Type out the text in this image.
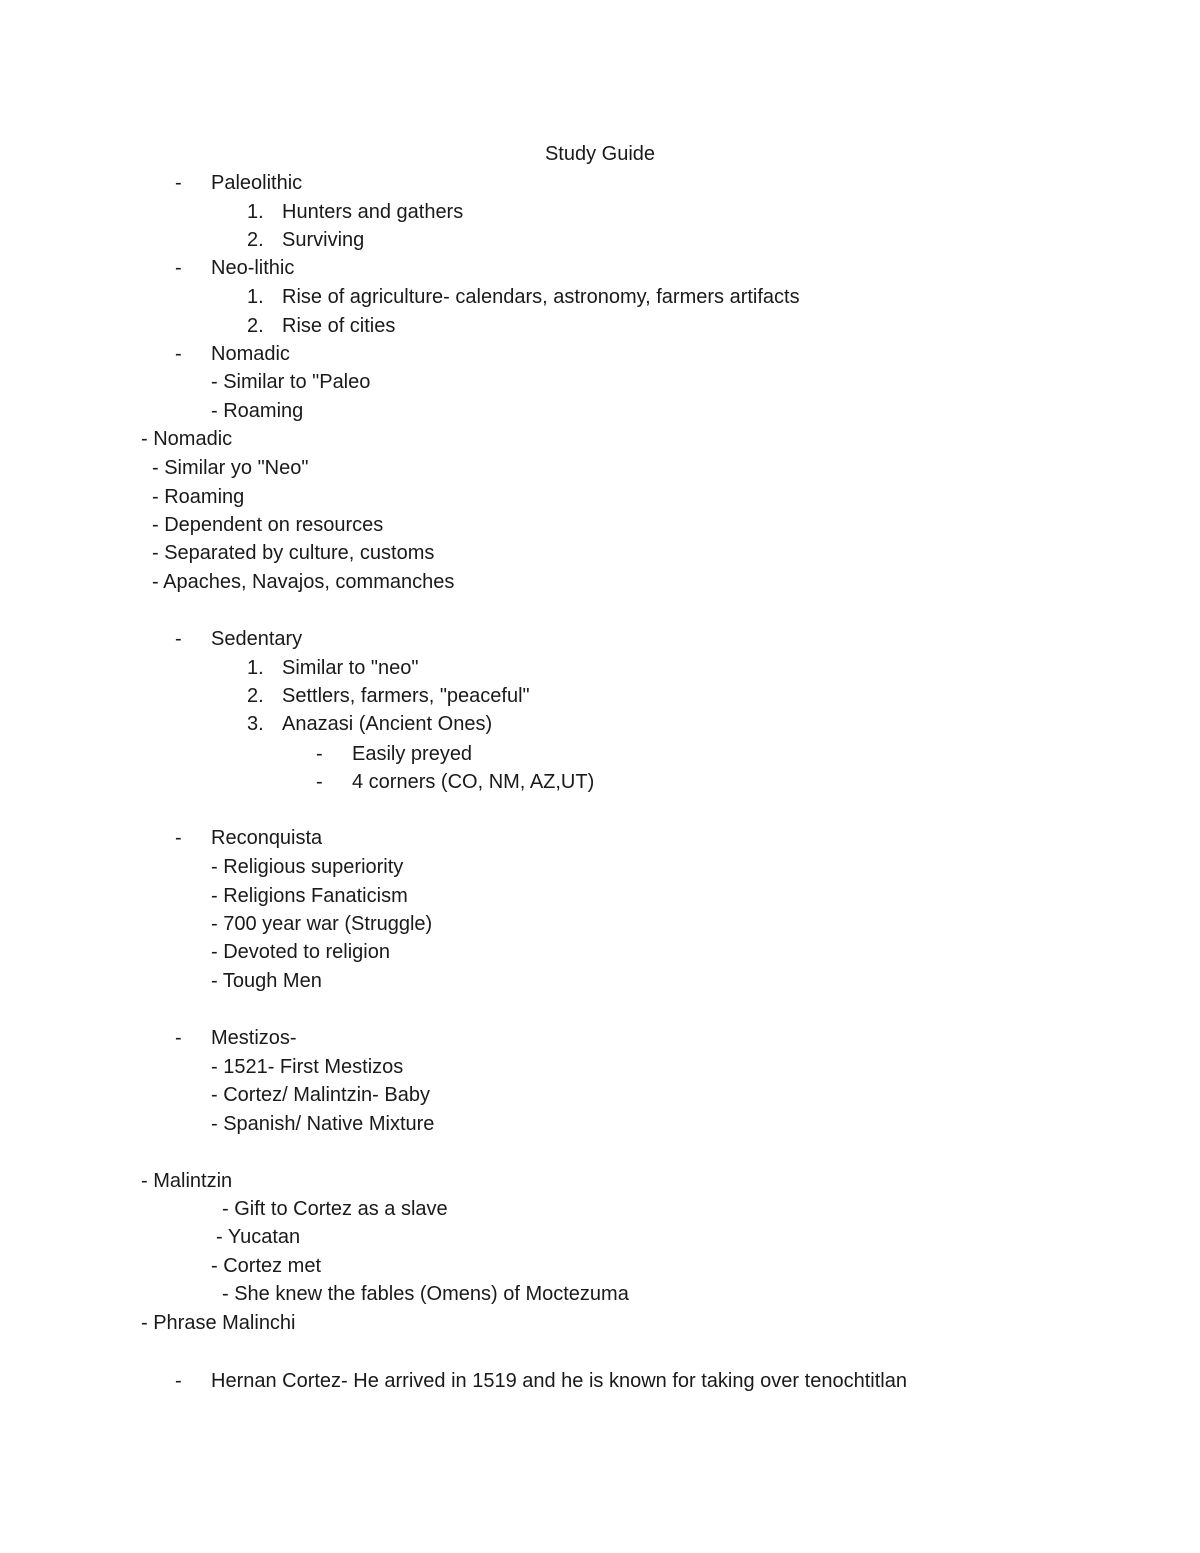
Study Guide
- Paleolithic
1. Hunters and gathers
2. Surviving
- Neo-lithic
1. Rise of agriculture- calendars, astronomy, farmers artifacts
2. Rise of cities
- Nomadic
- Similar to "Paleo
- Roaming
- Nomadic
- Similar yo "Neo"
- Roaming
- Dependent on resources
- Separated by culture, customs
- Apaches, Navajos, commanches
- Sedentary
1. Similar to "neo"
2. Settlers, farmers, "peaceful"
3. Anazasi (Ancient Ones)
- Easily preyed
- 4 corners (CO, NM, AZ,UT)
- Reconquista
- Religious superiority
- Religions Fanaticism
- 700 year war (Struggle)
- Devoted to religion
- Tough Men
- Mestizos-
- 1521- First Mestizos
- Cortez/ Malintzin- Baby
- Spanish/ Native Mixture
- Malintzin
- Gift to Cortez as a slave
- Yucatan
- Cortez met
- She knew the fables (Omens) of Moctezuma
- Phrase Malinchi
- Hernan Cortez- He arrived in 1519 and he is known for taking over tenochtitlan
